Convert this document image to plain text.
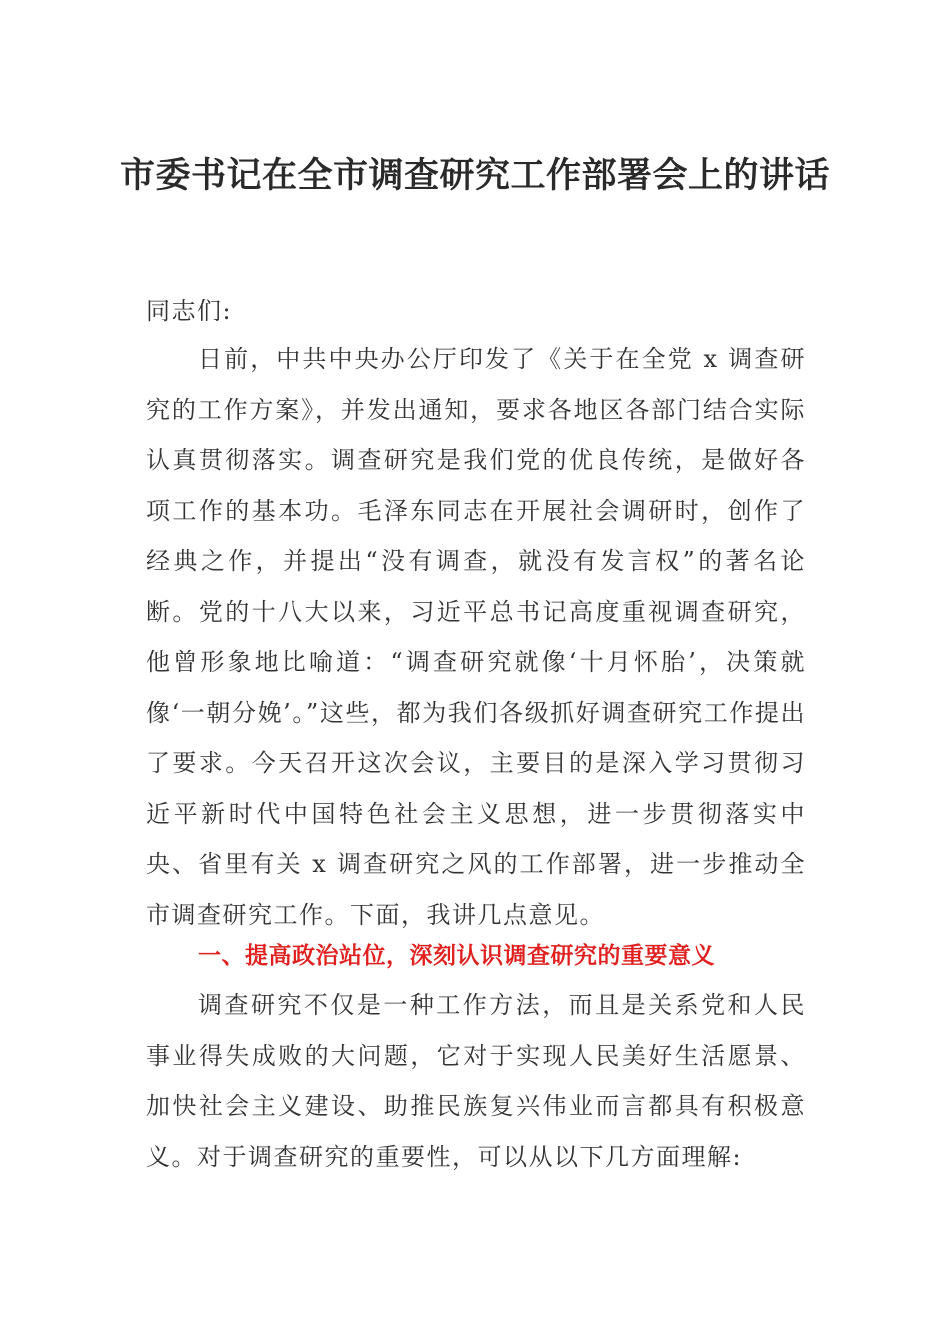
市委书记在全市调查研究工作部署会上的讲话
同志们:
日前，中共中央办公厅印发了《关于在全党 x 调查研究的工作方案》，并发出通知，要求各地区各部门结合实际认真贯彻落实。调查研究是我们党的优良传统，是做好各项工作的基本功。毛泽东同志在开展社会调研时，创作了经典之作，并提出“没有调查，就没有发言权”的著名论断。党的十八大以来，习近平总书记高度重视调查研究，他曾形象地比喻道：“调查研究就像‘十月怀胎’，决策就像‘一朝分娩’。”这些，都为我们各级抓好调查研究工作提出了要求。今天召开这次会议，主要目的是深入学习贯彻习近平新时代中国特色社会主义思想，进一步贯彻落实中央、省里有关 x 调查研究之风的工作部署，进一步推动全市调查研究工作。下面，我讲几点意见。
一、提高政治站位，深刻认识调查研究的重要意义
调查研究不仅是一种工作方法，而且是关系党和人民事业得失成败的大问题，它对于实现人民美好生活愿景、加快社会主义建设、助推民族复兴伟业而言都具有积极意义。对于调查研究的重要性，可以从以下几方面理解:
